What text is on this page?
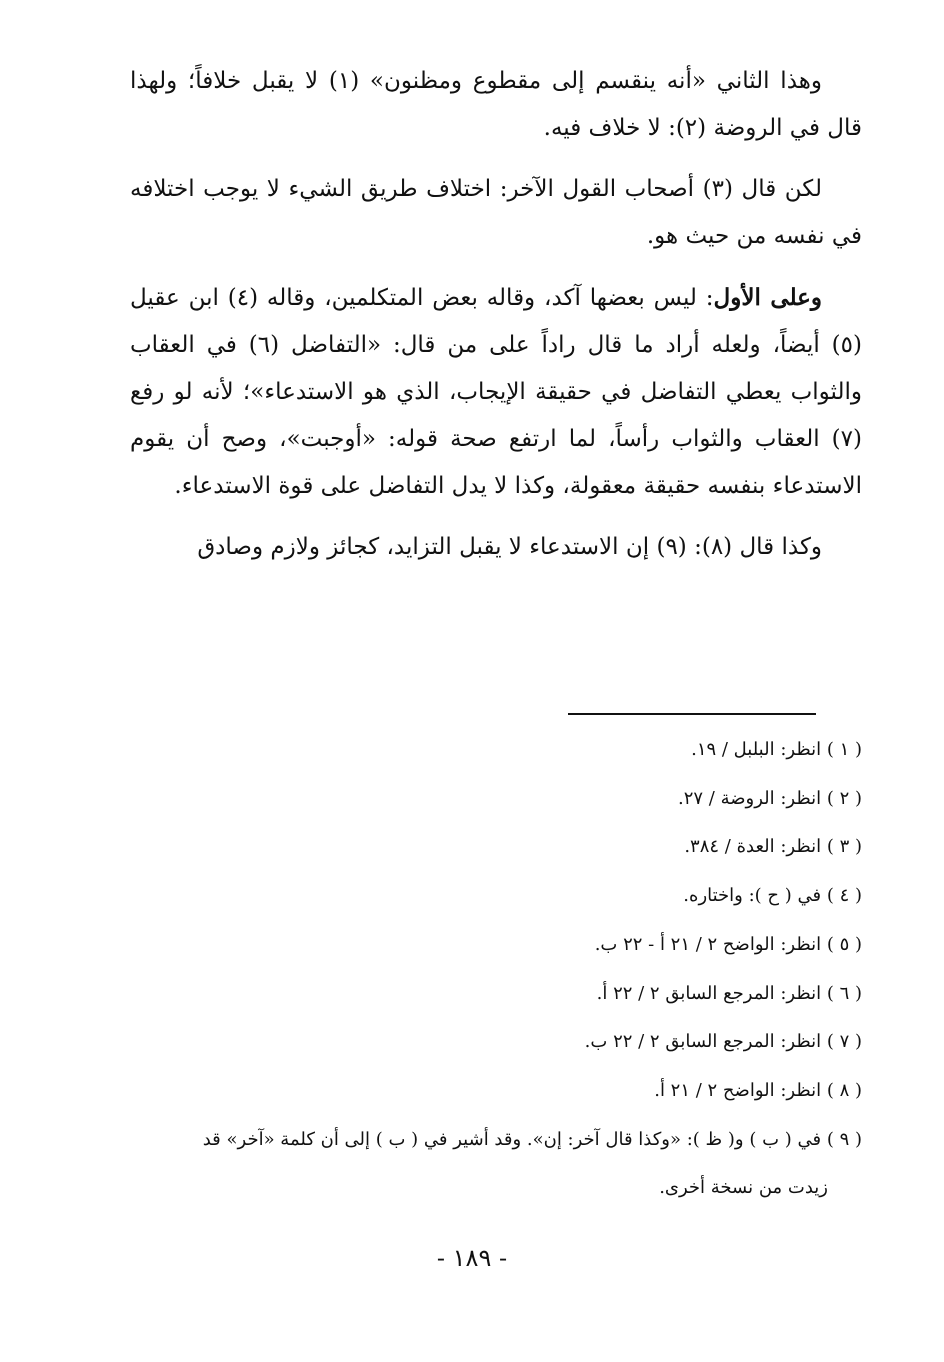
وهذا الثاني «أنه ينقسم إلى مقطوع ومظنون» (١) لا يقبل خلافاً؛ ولهذا قال في الروضة (٢): لا خلاف فيه.

لكن قال (٣) أصحاب القول الآخر: اختلاف طريق الشيء لا يوجب اختلافه في نفسه من حيث هو.

وعلى الأول: ليس بعضها آكد، وقاله بعض المتكلمين، وقاله (٤) ابن عقيل (٥) أيضاً، ولعله أراد ما قال راداً على من قال: «التفاضل (٦) في العقاب والثواب يعطي التفاضل في حقيقة الإيجاب، الذي هو الاستدعاء»؛ لأنه لو رفع (٧) العقاب والثواب رأساً، لما ارتفع صحة قوله: «أوجبت»، وصح أن يقوم الاستدعاء بنفسه حقيقة معقولة، وكذا لا يدل التفاضل على قوة الاستدعاء.

وكذا قال (٨): (٩) إن الاستدعاء لا يقبل التزايد، كجائز ولازم وصادق

( ١ ) انظر: البلبل / ١٩.

( ٢ ) انظر: الروضة / ٢٧.

( ٣ ) انظر: العدة / ٣٨٤.

( ٤ ) في ( ح ): واختاره.

( ٥ ) انظر: الواضح ٢ / ٢١ أ - ٢٢ ب.

( ٦ ) انظر: المرجع السابق ٢ / ٢٢ أ.

( ٧ ) انظر: المرجع السابق ٢ / ٢٢ ب.

( ٨ ) انظر: الواضح ٢ / ٢١ أ.

( ٩ ) في ( ب ) و( ظ ): «وكذا قال آخر: إن». وقد أشير في ( ب ) إلى أن كلمة «آخر» قد

زيدت من نسخة أخرى.

- ١٨٩ -
